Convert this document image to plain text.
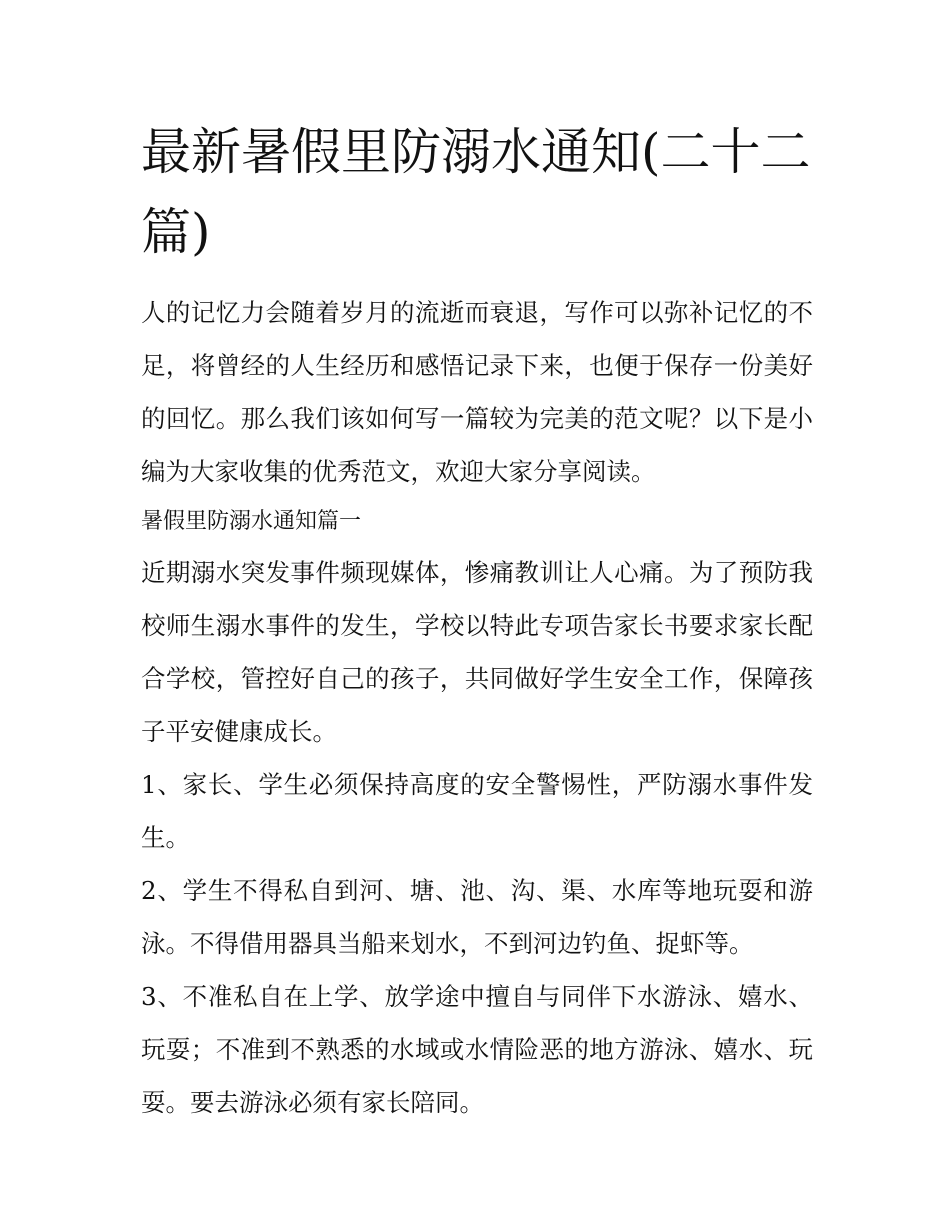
最新暑假里防溺水通知(二十二篇)

人的记忆力会随着岁月的流逝而衰退，写作可以弥补记忆的不足，将曾经的人生经历和感悟记录下来，也便于保存一份美好的回忆。那么我们该如何写一篇较为完美的范文呢？以下是小编为大家收集的优秀范文，欢迎大家分享阅读。

暑假里防溺水通知篇一

近期溺水突发事件频现媒体，惨痛教训让人心痛。为了预防我校师生溺水事件的发生，学校以特此专项告家长书要求家长配合学校，管控好自己的孩子，共同做好学生安全工作，保障孩子平安健康成长。

1、家长、学生必须保持高度的安全警惕性，严防溺水事件发生。

2、学生不得私自到河、塘、池、沟、渠、水库等地玩耍和游泳。不得借用器具当船来划水，不到河边钓鱼、捉虾等。

3、不准私自在上学、放学途中擅自与同伴下水游泳、嬉水、玩耍；不准到不熟悉的水域或水情险恶的地方游泳、嬉水、玩耍。要去游泳必须有家长陪同。
